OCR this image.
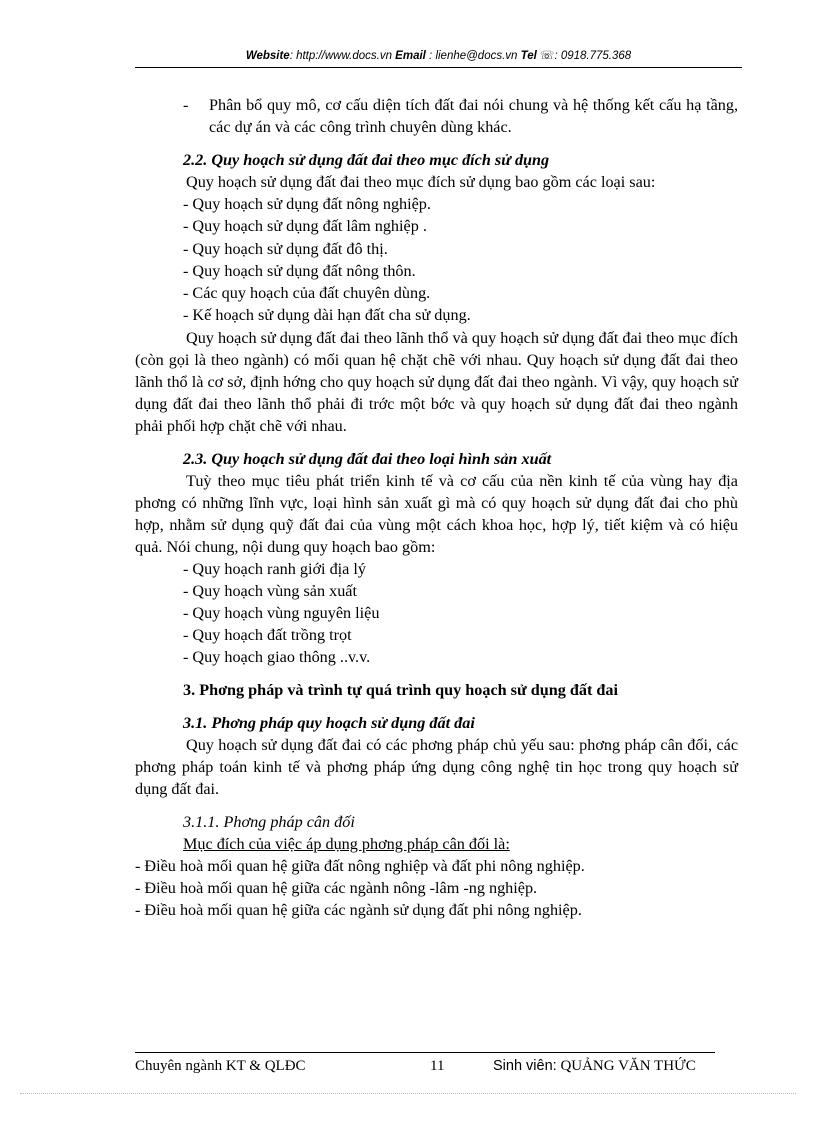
Website: http://www.docs.vn Email : lienhe@docs.vn Tel ☏: 0918.775.368
-	Phân bổ quy mô, cơ cấu diện tích đất đai nói chung và hệ thống kết cấu hạ tầng, các dự án và các công trình chuyên dùng khác.

2.2. Quy hoạch sử dụng đất đai theo mục đích sử dụng

Quy hoạch sử dụng đất đai theo mục đích sử dụng bao gồm các loại sau:

- Quy hoạch sử dụng đất nông nghiệp.

- Quy hoạch sử dụng đất lâm nghiệp .

- Quy hoạch sử dụng đất đô thị.

- Quy hoạch sử dụng đất nông thôn.

- Các quy hoạch của đất chuyên dùng.

- Kế hoạch sử dụng dài hạn đất cha sử dụng.

Quy hoạch sử dụng đất đai theo lãnh thổ và quy hoạch sử dụng đất đai theo mục đích (còn gọi là theo ngành) có mối quan hệ chặt chẽ với nhau. Quy hoạch sử dụng đất đai theo lãnh thổ là cơ sở, định hớng cho quy hoạch sử dụng đất đai theo ngành. Vì vậy, quy hoạch sử dụng đất đai theo lãnh thổ phải đi trớc một bớc và quy hoạch sử dụng đất đai theo ngành phải phối hợp chặt chẽ với nhau.

2.3. Quy hoạch sử dụng đất đai theo loại hình sản xuất

Tuỳ theo mục tiêu phát triển kinh tế và cơ cấu của nền kinh tế của vùng hay địa phơng có những lĩnh vực, loại hình sản xuất gì mà có quy hoạch sử dụng đất đai cho phù hợp, nhằm sử dụng quỹ đất đai của vùng một cách khoa học, hợp lý, tiết kiệm và có hiệu quả. Nói chung, nội dung quy hoạch bao gồm:

- Quy hoạch ranh giới địa lý

- Quy hoạch vùng sản xuất

- Quy hoạch vùng nguyên liệu

- Quy hoạch đất trồng trọt

- Quy hoạch giao thông ..v.v.

3. Phơng pháp và trình tự quá trình quy hoạch sử dụng đất đai

3.1. Phơng pháp quy hoạch sử dụng đất đai

Quy hoạch sử dụng đất đai có các phơng pháp chủ yếu sau: phơng pháp cân đối, các phơng pháp toán kinh tế và phơng pháp ứng dụng công nghệ tin học trong quy hoạch sử dụng đất đai.

3.1.1. Phơng pháp cân đối

Mục đích của việc áp dụng phơng pháp cân đối là:

- Điều hoà mối quan hệ giữa đất nông nghiệp và đất phi nông nghiệp.

- Điều hoà mối quan hệ giữa các ngành nông -lâm -ng nghiệp.

- Điều hoà mối quan hệ giữa các ngành sử dụng đất phi nông nghiệp.

Chuyên ngành KT & QLĐC	11	Sinh viên: QUẢNG VĂN THỨC
